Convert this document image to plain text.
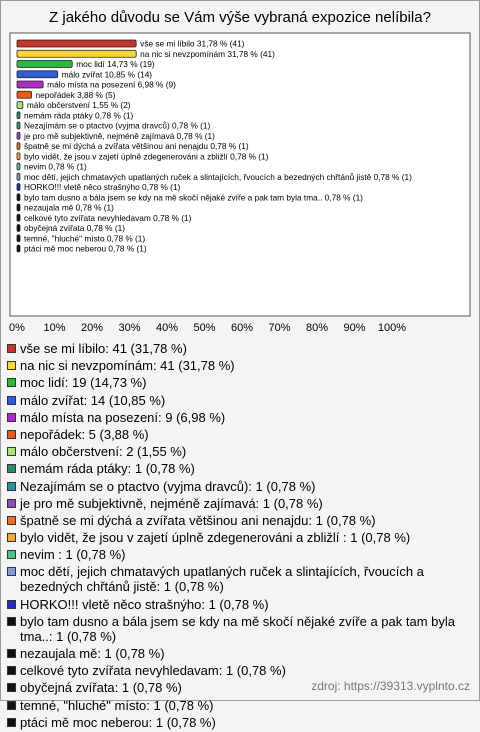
Z jakého důvodu se Vám výše vybraná expozice nelíbila?
vše se mi líbilo 31,78 % (41)
na nic si nevzpomínám 31,78 % (41)
moc lidí 14,73 % (19)
málo zvířat 10,85 % (14)
málo místa na posezení 6,98 % (9)
nepořádek 3,88 % (5)
málo občerstvení 1,55 % (2)
nemám ráda ptáky 0,78 % (1)
Nezajímám se o ptactvo (vyjma dravců) 0,78 % (1)
je pro mě subjektivně, nejméně zajímavá 0,78 % (1)
špatně se mi dýchá a zvířata většinou ani nenajdu 0,78 % (1)
bylo vidět, že jsou v zajetí úplně zdegenerováni a zbližlí 0,78 % (1)
nevim 0,78 % (1)
moc dětí, jejich chmatavých upatlaných ruček a slintajících, řvoucích a bezedných chřtánů jistě 0,78 % (1)
HORKO!!! vletě něco strašnýho 0,78 % (1)
bylo tam dusno a bála jsem se kdy na mě skočí nějaké zvíře a pak tam byla tma.. 0,78 % (1)
nezaujala mě 0,78 % (1)
celkové tyto zvířata nevyhledavam 0,78 % (1)
obyčejná zvířata 0,78 % (1)
temné, "hluché" místo 0,78 % (1)
ptáci mě moc neberou 0,78 % (1)
0% 10% 20% 30% 40% 50% 60% 70% 80% 90% 100%
vše se mi líbilo: 41 (31,78 %)
na nic si nevzpomínám: 41 (31,78 %)
moc lidí: 19 (14,73 %)
málo zvířat: 14 (10,85 %)
málo místa na posezení: 9 (6,98 %)
nepořádek: 5 (3,88 %)
málo občerstvení: 2 (1,55 %)
nemám ráda ptáky: 1 (0,78 %)
Nezajímám se o ptactvo (vyjma dravců): 1 (0,78 %)
je pro mě subjektivně, nejméně zajímavá: 1 (0,78 %)
špatně se mi dýchá a zvířata většinou ani nenajdu: 1 (0,78 %)
bylo vidět, že jsou v zajetí úplně zdegenerováni a zbližlí : 1 (0,78 %)
nevim : 1 (0,78 %)
moc dětí, jejich chmatavých upatlaných ruček a slintajících, řvoucích a bezedných chřtánů jistě: 1 (0,78 %)
HORKO!!! vletě něco strašnýho: 1 (0,78 %)
bylo tam dusno a bála jsem se kdy na mě skočí nějaké zvíře a pak tam byla tma..: 1 (0,78 %)
nezaujala mě: 1 (0,78 %)
celkové tyto zvířata nevyhledavam: 1 (0,78 %)
obyčejná zvířata: 1 (0,78 %)
temné, "hluché" místo: 1 (0,78 %)
ptáci mě moc neberou: 1 (0,78 %)
zdroj: https://39313.vyplnto.cz
